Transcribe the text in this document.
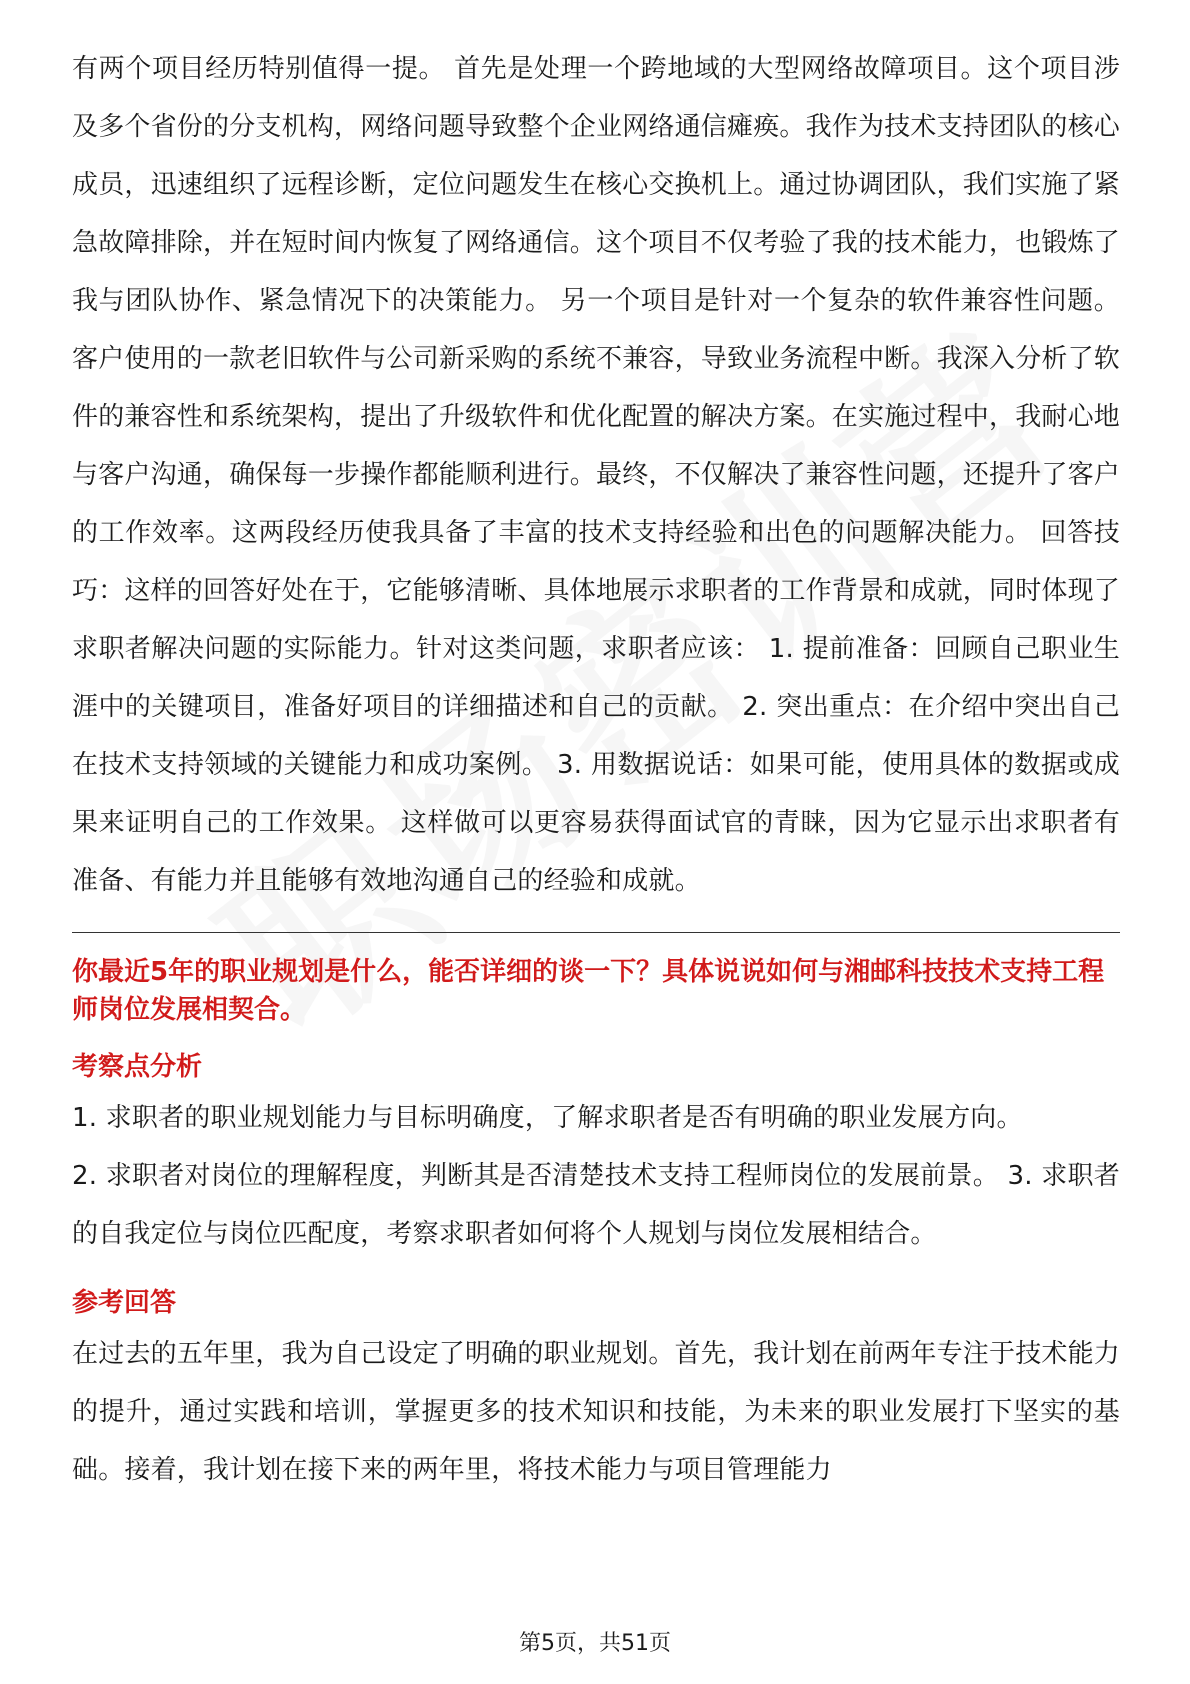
有两个项目经历特别值得一提。 首先是处理一个跨地域的大型网络故障项目。这个项目涉及多个省份的分支机构，网络问题导致整个企业网络通信瘫痪。我作为技术支持团队的核心成员，迅速组织了远程诊断，定位问题发生在核心交换机上。通过协调团队，我们实施了紧急故障排除，并在短时间内恢复了网络通信。这个项目不仅考验了我的技术能力，也锻炼了我与团队协作、紧急情况下的决策能力。 另一个项目是针对一个复杂的软件兼容性问题。客户使用的一款老旧软件与公司新采购的系统不兼容，导致业务流程中断。我深入分析了软件的兼容性和系统架构，提出了升级软件和优化配置的解决方案。在实施过程中，我耐心地与客户沟通，确保每一步操作都能顺利进行。最终，不仅解决了兼容性问题，还提升了客户的工作效率。这两段经历使我具备了丰富的技术支持经验和出色的问题解决能力。 回答技巧：这样的回答好处在于，它能够清晰、具体地展示求职者的工作背景和成就，同时体现了求职者解决问题的实际能力。针对这类问题，求职者应该： 1. 提前准备：回顾自己职业生涯中的关键项目，准备好项目的详细描述和自己的贡献。 2. 突出重点：在介绍中突出自己在技术支持领域的关键能力和成功案例。 3. 用数据说话：如果可能，使用具体的数据或成果来证明自己的工作效果。 这样做可以更容易获得面试官的青睐，因为它显示出求职者有准备、有能力并且能够有效地沟通自己的经验和成就。

你最近5年的职业规划是什么，能否详细的谈一下？具体说说如何与湘邮科技技术支持工程师岗位发展相契合。

考察点分析

1. 求职者的职业规划能力与目标明确度，了解求职者是否有明确的职业发展方向。

2. 求职者对岗位的理解程度，判断其是否清楚技术支持工程师岗位的发展前景。 3. 求职者的自我定位与岗位匹配度，考察求职者如何将个人规划与岗位发展相结合。

参考回答

在过去的五年里，我为自己设定了明确的职业规划。首先，我计划在前两年专注于技术能力的提升，通过实践和培训，掌握更多的技术知识和技能，为未来的职业发展打下坚实的基础。接着，我计划在接下来的两年里，将技术能力与项目管理能力

第5页，共51页
